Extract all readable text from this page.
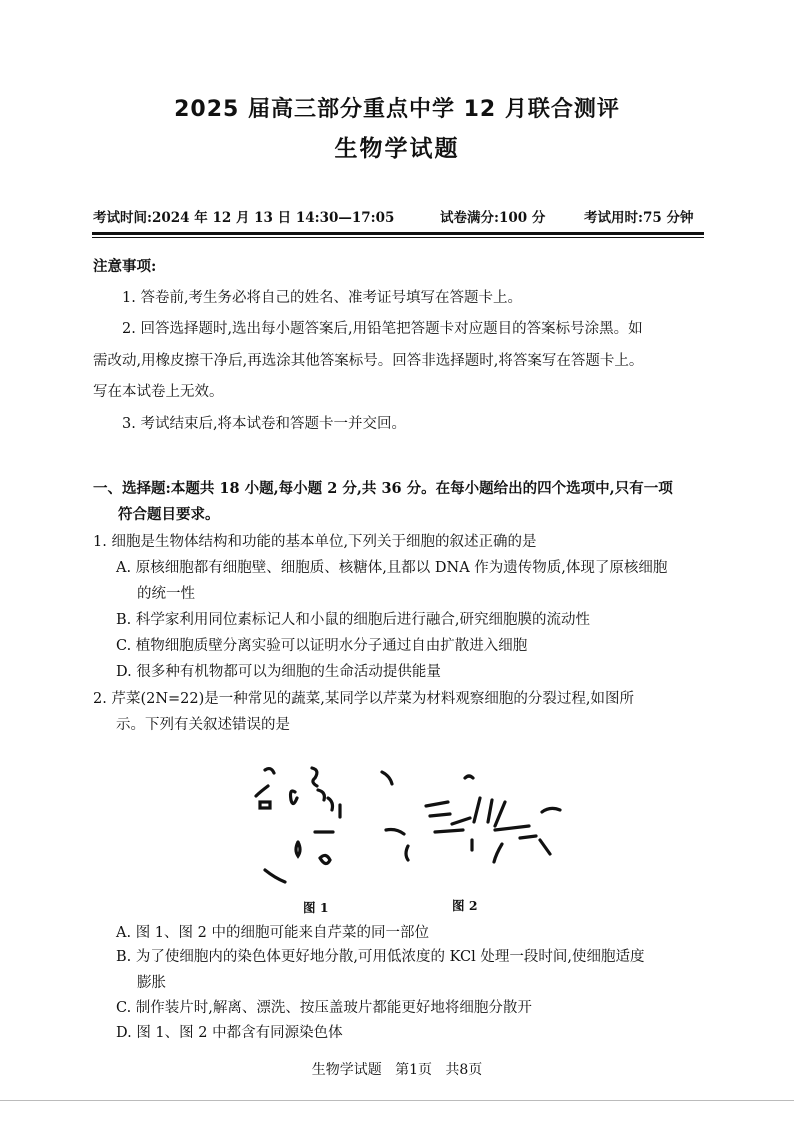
2025 届高三部分重点中学 12 月联合测评
生物学试题
考试时间:2024 年 12 月 13 日 14:30—17:05	试卷满分:100 分	考试用时:75 分钟
注意事项:
1. 答卷前,考生务必将自己的姓名、准考证号填写在答题卡上。
2. 回答选择题时,选出每小题答案后,用铅笔把答题卡对应题目的答案标号涂黑。如
需改动,用橡皮擦干净后,再选涂其他答案标号。回答非选择题时,将答案写在答题卡上。
写在本试卷上无效。
3. 考试结束后,将本试卷和答题卡一并交回。
一、选择题:本题共 18 小题,每小题 2 分,共 36 分。在每小题给出的四个选项中,只有一项
符合题目要求。
1. 细胞是生物体结构和功能的基本单位,下列关于细胞的叙述正确的是
A. 原核细胞都有细胞壁、细胞质、核糖体,且都以 DNA 作为遗传物质,体现了原核细胞
的统一性
B. 科学家利用同位素标记人和小鼠的细胞后进行融合,研究细胞膜的流动性
C. 植物细胞质壁分离实验可以证明水分子通过自由扩散进入细胞
D. 很多种有机物都可以为细胞的生命活动提供能量
2. 芹菜(2N=22)是一种常见的蔬菜,某同学以芹菜为材料观察细胞的分裂过程,如图所
示。下列有关叙述错误的是
图 1	图 2
A. 图 1、图 2 中的细胞可能来自芹菜的同一部位
B. 为了使细胞内的染色体更好地分散,可用低浓度的 KCl 处理一段时间,使细胞适度
膨胀
C. 制作装片时,解离、漂洗、按压盖玻片都能更好地将细胞分散开
D. 图 1、图 2 中都含有同源染色体
生物学试题   第1页   共8页
